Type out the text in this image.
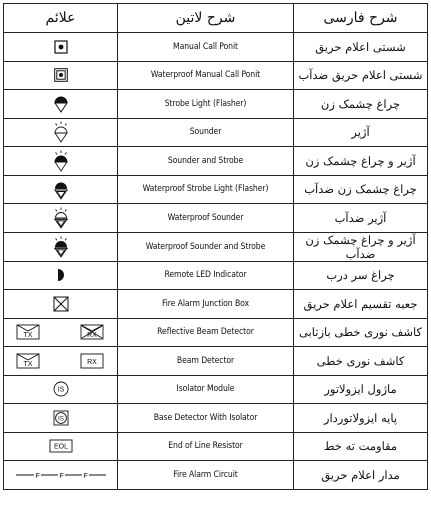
علائم	شرح لاتین	شرح فارسی

	Manual Call Ponit	شستی اعلام حریق

	Waterproof Manual Call Ponit	شستی اعلام حریق ضدآب

	Strobe Light (Flasher)	چراغ چشمک زن

	Sounder	آژیر

	Sounder and Strobe	آژیر و چراغ چشمک زن

	Waterproof Strobe Light (Flasher)	چراغ چشمک زن ضدآب

	Waterproof Sounder	آژیر ضدآب

	Waterproof Sounder and Strobe	آژیر و چراغ چشمک زن ضدآب

	Remote LED Indicator	چراغ سر درب

	Fire Alarm Junction Box	جعبه تقسیم اعلام حریق

TX RX	Reflective Beam Detector	کاشف نوری خطی بازتابی

TX RX	Beam Detector	کاشف نوری خطی

IS	Isolator Module	ماژول ایزولاتور

IS	Base Detector With Isolator	پایه ایزولاتوردار

EOL	End of Line Resistor	مقاومت ته خط

F F F	Fire Alarm Circuit	مدار اعلام حریق
